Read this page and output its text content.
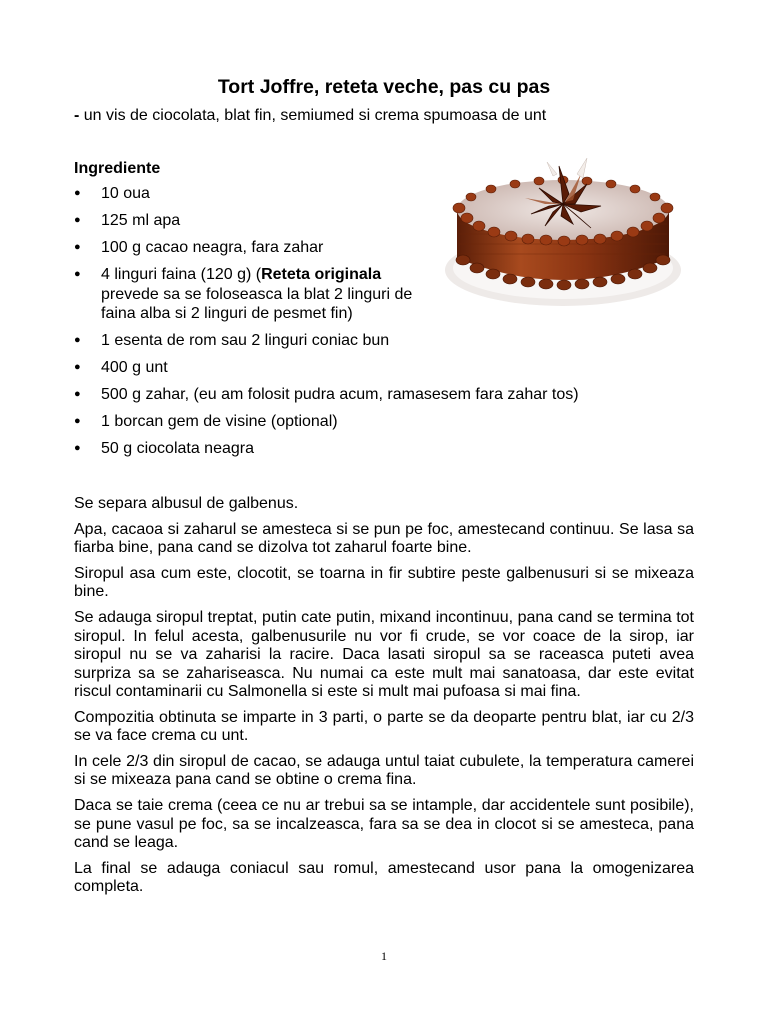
Tort Joffre, reteta veche, pas cu pas
- un vis de ciocolata, blat fin, semiumed si crema spumoasa de unt
Ingrediente
● 10 oua
● 125 ml apa
● 100 g cacao neagra, fara zahar
● 4 linguri faina (120 g) (Reteta originala prevede sa se foloseasca la blat 2 linguri de faina alba si 2 linguri de pesmet fin)
● 1 esenta de rom sau 2 linguri coniac bun
● 400 g unt
● 500 g zahar, (eu am folosit pudra acum, ramasesem fara zahar tos)
● 1 borcan gem de visine (optional)
● 50 g ciocolata neagra

Se separa albusul de galbenus.

Apa, cacaoa si zaharul se amesteca si se pun pe foc, amestecand continuu. Se lasa sa fiarba bine, pana cand se dizolva tot zaharul foarte bine.

Siropul asa cum este, clocotit, se toarna in fir subtire peste galbenusuri si se mixeaza bine.

Se adauga siropul treptat, putin cate putin, mixand incontinuu, pana cand se termina tot siropul. In felul acesta, galbenusurile nu vor fi crude, se vor coace de la sirop, iar siropul nu se va zaharisi la racire. Daca lasati siropul sa se raceasca puteti avea surpriza sa se zahariseasca. Nu numai ca este mult mai sanatoasa, dar este evitat riscul contaminarii cu Salmonella si este si mult mai pufoasa si mai fina.

Compozitia obtinuta se imparte in 3 parti, o parte se da deoparte pentru blat, iar cu 2/3 se va face crema cu unt.

In cele 2/3 din siropul de cacao, se adauga untul taiat cubulete, la temperatura camerei si se mixeaza pana cand se obtine o crema fina.

Daca se taie crema (ceea ce nu ar trebui sa se intample, dar accidentele sunt posibile), se pune vasul pe foc, sa se incalzeasca, fara sa se dea in clocot si se amesteca, pana cand se leaga.

La final se adauga coniacul sau romul, amestecand usor pana la omogenizarea completa.

1
